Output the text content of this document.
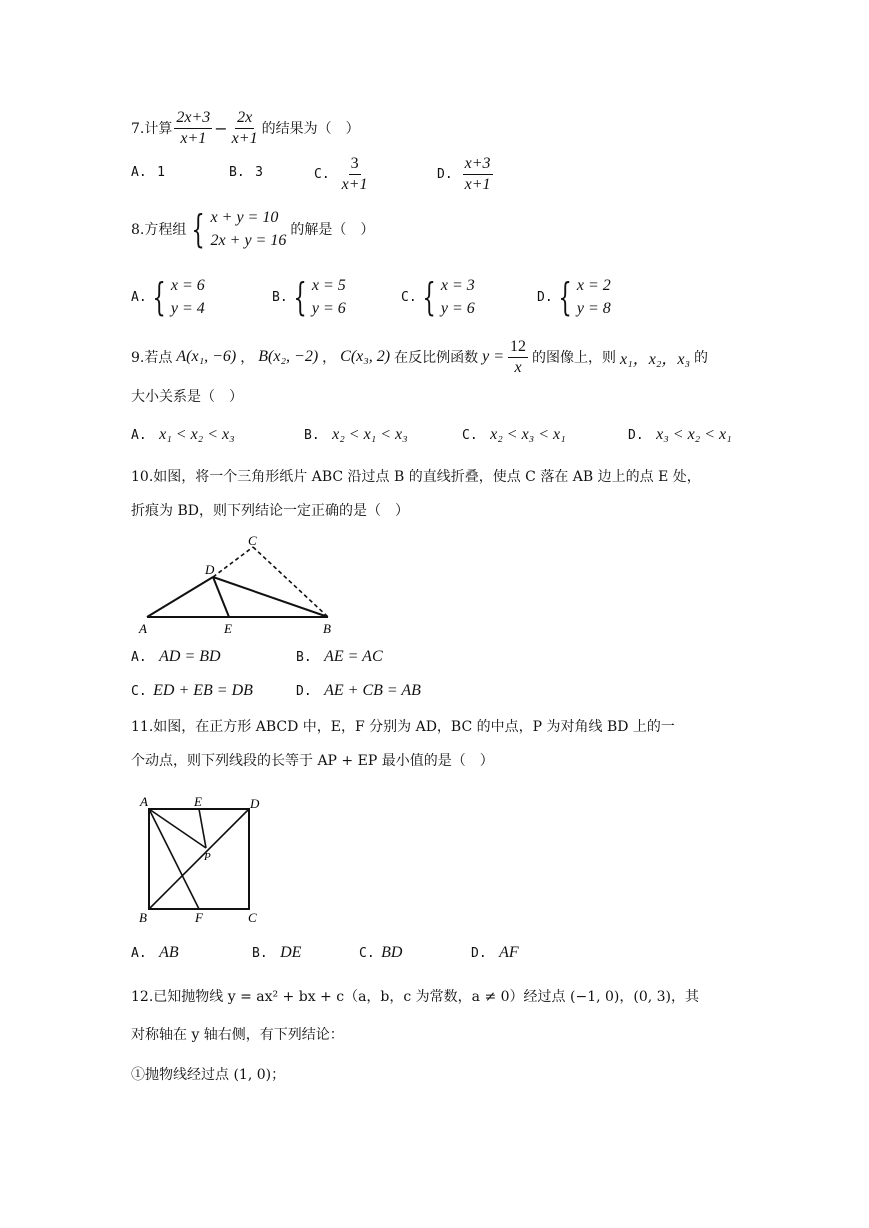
7.计算 $\frac{2x+3}{x+1} - \frac{2x}{x+1}$ 的结果为（　）
A. 1	B. 3	C. $\frac{3}{x+1}$	D. $\frac{x+3}{x+1}$
8.方程组 { x + y = 10
2x + y = 16
的解是（　）
A. { x = 6
y = 4
B. { x = 5
y = 6
C. { x = 3
y = 6
D. { x = 2
y = 8
9.若点 A(x₁, −6) ， B(x₂, −2) ， C(x₃, 2) 在反比例函数 $y = \frac{12}{x}$ 的图像上，则 x₁，x₂，x₃ 的
大小关系是（　）
A. x₁ < x₂ < x₃	B. x₂ < x₁ < x₃	C. x₂ < x₃ < x₁	D. x₃ < x₂ < x₁
10.如图，将一个三角形纸片 ABC 沿过点 B 的直线折叠，使点 C 落在 AB 边上的点 E 处，
折痕为 BD，则下列结论一定正确的是（　）
C
D
A	E	B
A. AD = BD	B. AE = AC
C. ED + EB = DB	D. AE + CB = AB
11.如图，在正方形 ABCD 中，E，F 分别为 AD，BC 的中点，P 为对角线 BD 上的一
个动点，则下列线段的长等于 AP + EP 最小值的是（　）
A	E	D
P
B	F	C
A. AB	B. DE	C. BD	D. AF
12.已知抛物线 y = ax² + bx + c（a，b，c 为常数，a ≠ 0）经过点 (−1, 0)，(0, 3)，其
对称轴在 y 轴右侧，有下列结论：
①抛物线经过点 (1, 0)；
